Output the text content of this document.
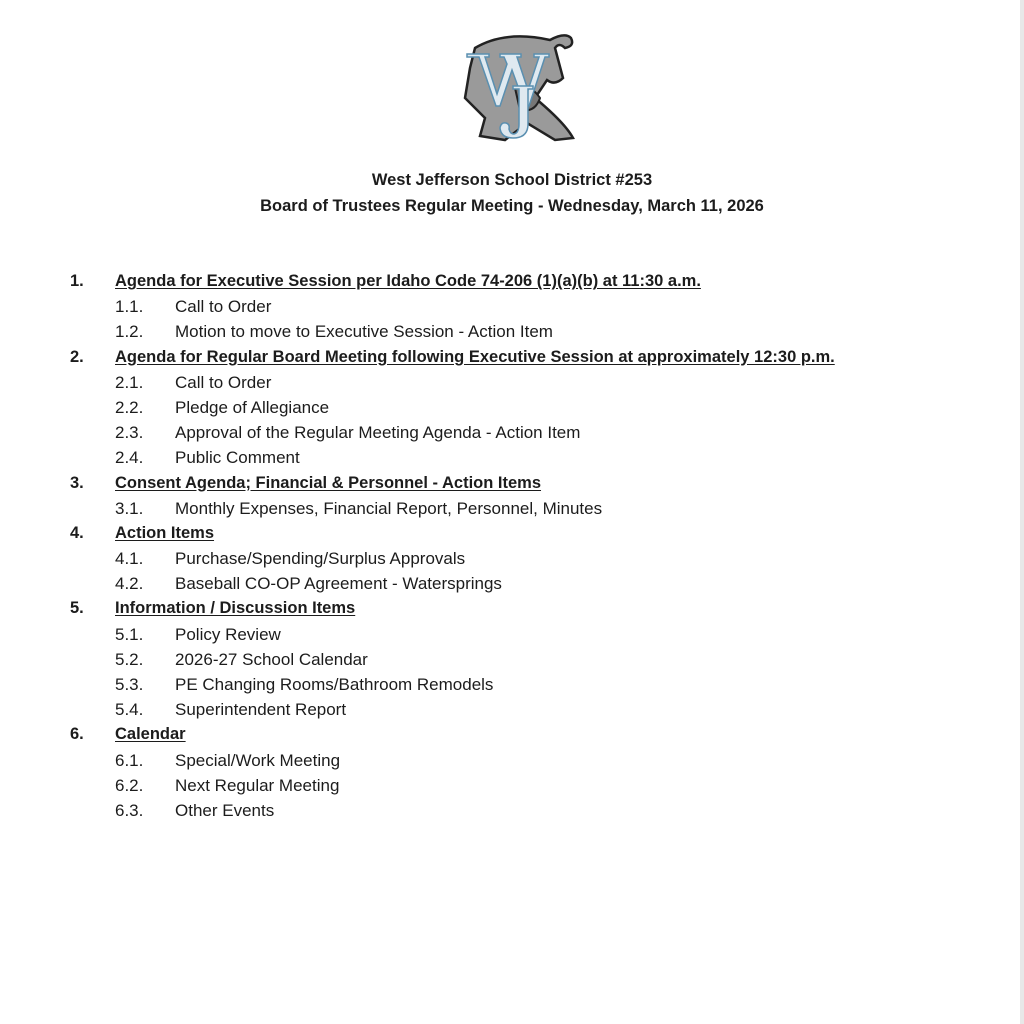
West Jefferson School District #253
Board of Trustees Regular Meeting - Wednesday, March 11, 2026
1. Agenda for Executive Session per Idaho Code 74-206 (1)(a)(b) at 11:30 a.m.
1.1. Call to Order
1.2. Motion to move to Executive Session - Action Item
2. Agenda for Regular Board Meeting following Executive Session at approximately 12:30 p.m.
2.1. Call to Order
2.2. Pledge of Allegiance
2.3. Approval of the Regular Meeting Agenda - Action Item
2.4. Public Comment
3. Consent Agenda; Financial & Personnel - Action Items
3.1. Monthly Expenses, Financial Report, Personnel, Minutes
4. Action Items
4.1. Purchase/Spending/Surplus Approvals
4.2. Baseball CO-OP Agreement - Watersprings
5. Information / Discussion Items
5.1. Policy Review
5.2. 2026-27 School Calendar
5.3. PE Changing Rooms/Bathroom Remodels
5.4. Superintendent Report
6. Calendar
6.1. Special/Work Meeting
6.2. Next Regular Meeting
6.3. Other Events
